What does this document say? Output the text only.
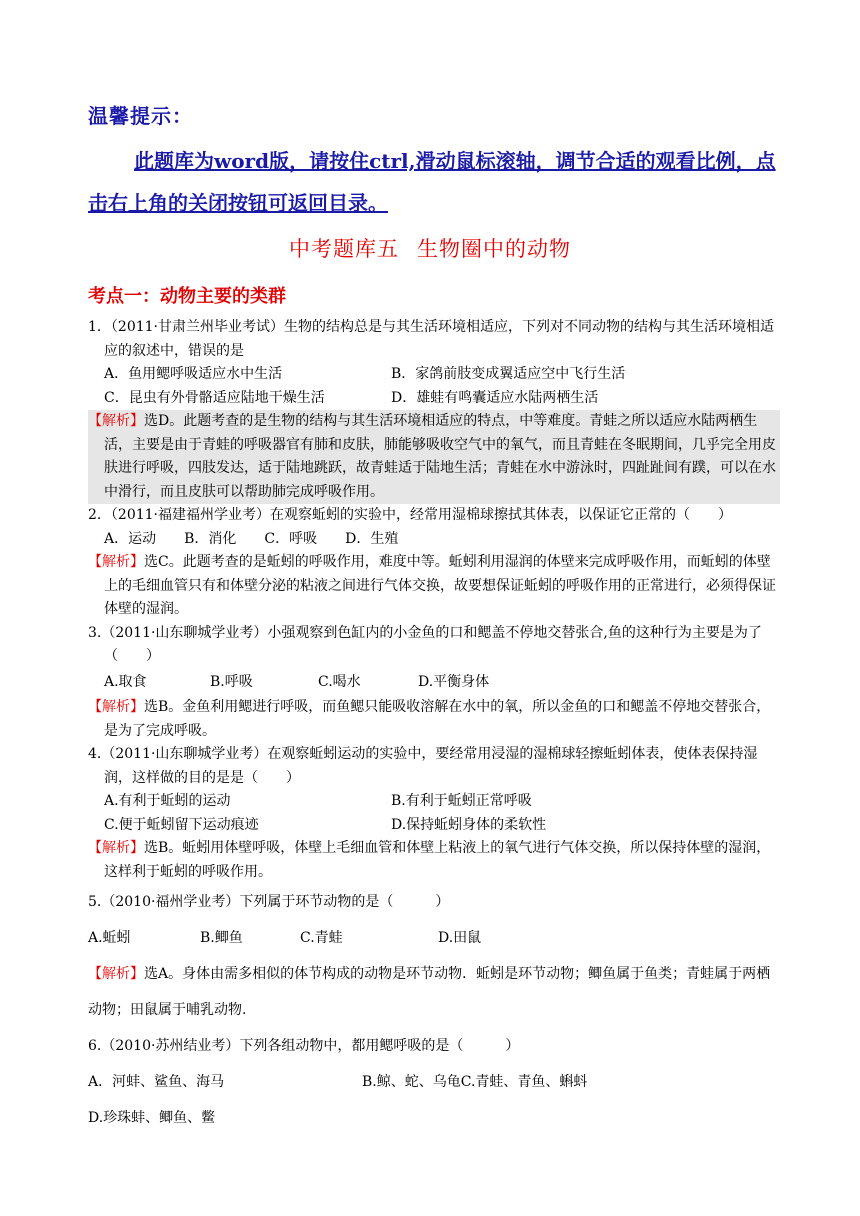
温馨提示：
此题库为word版，请按住ctrl,滑动鼠标滚轴，调节合适的观看比例，点击右上角的关闭按钮可返回目录。
中考题库五 生物圈中的动物
考点一：动物主要的类群

1．（2011·甘肃兰州毕业考试）生物的结构总是与其生活环境相适应，下列对不同动物的结构与其生活环境相适应的叙述中，错误的是

A．鱼用鳃呼吸适应水中生活	B．家鸽前肢变成翼适应空中飞行生活
C．昆虫有外骨骼适应陆地干燥生活	D．雄蛙有鸣囊适应水陆两栖生活

【解析】选D。此题考查的是生物的结构与其生活环境相适应的特点，中等难度。青蛙之所以适应水陆两栖生活，主要是由于青蛙的呼吸器官有肺和皮肤，肺能够吸收空气中的氧气，而且青蛙在冬眠期间，几乎完全用皮肤进行呼吸，四肢发达，适于陆地跳跃，故青蛙适于陆地生活；青蛙在水中游泳时，四趾趾间有蹼，可以在水中滑行，而且皮肤可以帮助肺完成呼吸作用。

2．（2011·福建福州学业考）在观察蚯蚓的实验中，经常用湿棉球擦拭其体表，以保证它正常的（　　）

A．运动 B．消化 C．呼吸 D．生殖

【解析】选C。此题考查的是蚯蚓的呼吸作用，难度中等。蚯蚓利用湿润的体壁来完成呼吸作用，而蚯蚓的体壁上的毛细血管只有和体壁分泌的粘液之间进行气体交换，故要想保证蚯蚓的呼吸作用的正常进行，必须得保证体壁的湿润。

3.（2011·山东聊城学业考）小强观察到色缸内的小金鱼的口和鳃盖不停地交替张合,鱼的这种行为主要是为了（　　）

A.取食	B.呼吸	C.喝水	D.平衡身体

【解析】选B。金鱼利用鳃进行呼吸，而鱼鳃只能吸收溶解在水中的氧，所以金鱼的口和鳃盖不停地交替张合，是为了完成呼吸。

4.（2011·山东聊城学业考）在观察蚯蚓运动的实验中，要经常用浸湿的湿棉球轻擦蚯蚓体表，使体表保持湿润，这样做的目的是是（　　）

A.有利于蚯蚓的运动	B.有利于蚯蚓正常呼吸
C.便于蚯蚓留下运动痕迹	D.保持蚯蚓身体的柔软性

【解析】选B。蚯蚓用体壁呼吸，体壁上毛细血管和体壁上粘液上的氧气进行气体交换，所以保持体壁的湿润，这样利于蚯蚓的呼吸作用。

5.（2010·福州学业考）下列属于环节动物的是（　　　）

A.蚯蚓	B.鲫鱼	C.青蛙	D.田鼠

【解析】选A。身体由需多相似的体节构成的动物是环节动物．蚯蚓是环节动物；鲫鱼属于鱼类；青蛙属于两栖动物；田鼠属于哺乳动物.

6.（2010·苏州结业考）下列各组动物中，都用鳃呼吸的是（　　　）

A．河蚌、鲨鱼、海马	B.鲸、蛇、乌龟 C.青蛙、青鱼、蝌蚪
D.珍珠蚌、鲫鱼、鳖
